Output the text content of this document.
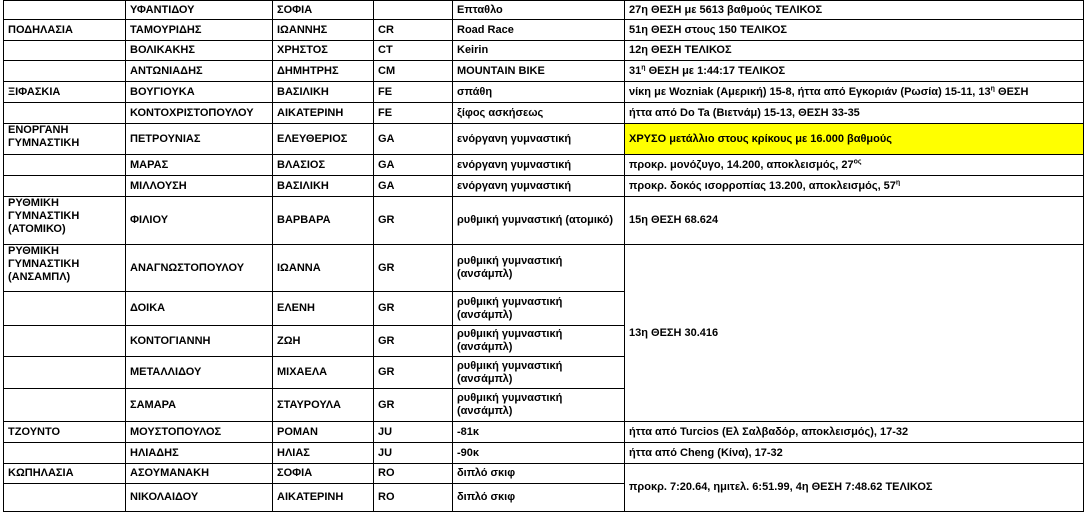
	ΥΦΑΝΤΙΔΟΥ	ΣΟΦΙΑ		Επταθλο	27η ΘΕΣΗ με 5613 βαθμούς ΤΕΛΙΚΟΣ
ΠΟΔΗΛΑΣΙΑ	ΤΑΜΟΥΡΙΔΗΣ	ΙΩΑΝΝΗΣ	CR	Road Race	51η ΘΕΣΗ στους 150 ΤΕΛΙΚΟΣ
	ΒΟΛΙΚΑΚΗΣ	ΧΡΗΣΤΟΣ	CT	Keirin	12η ΘΕΣΗ ΤΕΛΙΚΟΣ
	ΑΝΤΩΝΙΑΔΗΣ	ΔΗΜΗΤΡΗΣ	CM	MOUNTAIN BIKE	$31^\eta$ ΘΕΣΗ με 1:44:17 ΤΕΛΙΚΟΣ
ΞΙΦΑΣΚΙΑ	ΒΟΥΓΙΟΥΚΑ	ΒΑΣΙΛΙΚΗ	FE	σπάθη	νίκη με Wozniak (Αμερική) 15-8, ήττα από Εγκοριάν (Ρωσία) 15-11, $13^\eta$ ΘΕΣΗ
	ΚΟΝΤΟΧΡΙΣΤΟΠΟΥΛΟΥ	ΑΙΚΑΤΕΡΙΝΗ	FE	ξίφος ασκήσεως	ήττα από Do Ta (Βιετνάμ) 15-13, ΘΕΣΗ 33-35
ΕΝΟΡΓΑΝΗ ΓΥΜΝΑΣΤΙΚΗ	ΠΕΤΡΟΥΝΙΑΣ	ΕΛΕΥΘΕΡΙΟΣ	GA	ενόργανη γυμναστική	ΧΡΥΣΟ μετάλλιο στους κρίκους με 16.000 βαθμούς
	ΜΑΡΑΣ	ΒΛΑΣΙΟΣ	GA	ενόργανη γυμναστική	προκρ. μονόζυγο, 14.200, αποκλεισμός, $27^{o\varsigma}$
	ΜΙΛΛΟΥΣΗ	ΒΑΣΙΛΙΚΗ	GA	ενόργανη γυμναστική	προκρ. δοκός ισορροπίας 13.200, αποκλεισμός, $57^\eta$
ΡΥΘΜΙΚΗ ΓΥΜΝΑΣΤΙΚΗ (ΑΤΟΜΙΚΟ)	ΦΙΛΙΟΥ	ΒΑΡΒΑΡΑ	GR	ρυθμική γυμναστική (ατομικό)	15η ΘΕΣΗ 68.624
ΡΥΘΜΙΚΗ ΓΥΜΝΑΣΤΙΚΗ (ΑΝΣΑΜΠΛ)	ΑΝΑΓΝΩΣΤΟΠΟΥΛΟΥ	ΙΩΑΝΝΑ	GR	ρυθμική γυμναστική (ανσάμπλ)	13η ΘΕΣΗ 30.416
	ΔΟΙΚΑ	ΕΛΕΝΗ	GR	ρυθμική γυμναστική (ανσάμπλ)	
	ΚΟΝΤΟΓΙΑΝΝΗ	ΖΩΗ	GR	ρυθμική γυμναστική (ανσάμπλ)	
	ΜΕΤΑΛΛΙΔΟΥ	ΜΙΧΑΕΛΑ	GR	ρυθμική γυμναστική (ανσάμπλ)	
	ΣΑΜΑΡΑ	ΣΤΑΥΡΟΥΛΑ	GR	ρυθμική γυμναστική (ανσάμπλ)	
ΤΖΟΥΝΤΟ	ΜΟΥΣΤΟΠΟΥΛΟΣ	ΡΟΜΑΝ	JU	-81κ	ήττα από Turcios (Ελ Σαλβαδόρ, αποκλεισμός), 17-32
	ΗΛΙΑΔΗΣ	ΗΛΙΑΣ	JU	-90κ	ήττα από Cheng (Κίνα), 17-32
ΚΩΠΗΛΑΣΙΑ	ΑΣΟΥΜΑΝΑΚΗ	ΣΟΦΙΑ	RO	διπλό σκιφ	προκρ. 7:20.64, ημιτελ. 6:51.99, 4η ΘΕΣΗ 7:48.62 ΤΕΛΙΚΟΣ
	ΝΙΚΟΛΑΙΔΟΥ	ΑΙΚΑΤΕΡΙΝΗ	RO	διπλό σκιφ	
